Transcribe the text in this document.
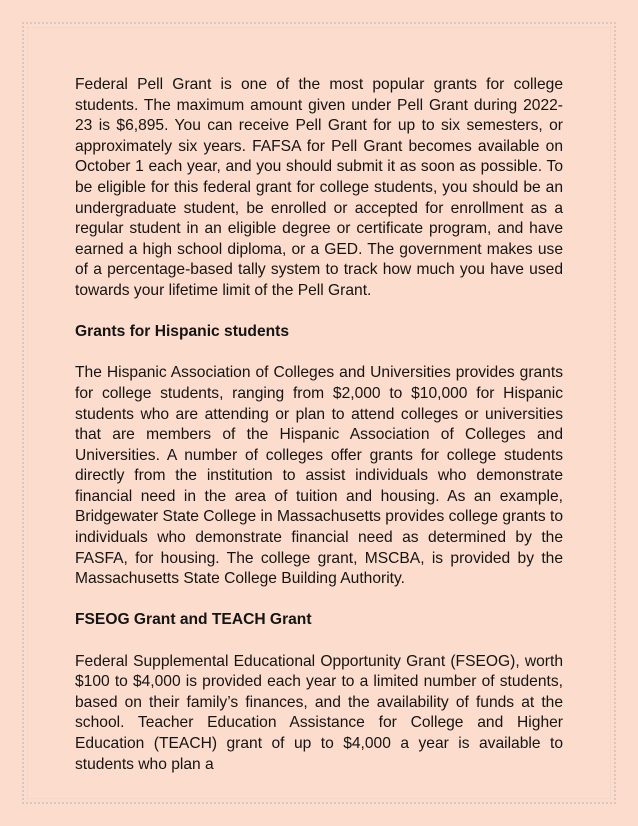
Federal Pell Grant is one of the most popular grants for college students. The maximum amount given under Pell Grant during 2022-23 is $6,895. You can receive Pell Grant for up to six semesters, or approximately six years. FAFSA for Pell Grant becomes available on October 1 each year, and you should submit it as soon as possible. To be eligible for this federal grant for college students, you should be an undergraduate student, be enrolled or accepted for enrollment as a regular student in an eligible degree or certificate program, and have earned a high school diploma, or a GED. The government makes use of a percentage-based tally system to track how much you have used towards your lifetime limit of the Pell Grant.

Grants for Hispanic students

The Hispanic Association of Colleges and Universities provides grants for college students, ranging from $2,000 to $10,000 for Hispanic students who are attending or plan to attend colleges or universities that are members of the Hispanic Association of Colleges and Universities. A number of colleges offer grants for college students directly from the institution to assist individuals who demonstrate financial need in the area of tuition and housing. As an example, Bridgewater State College in Massachusetts provides college grants to individuals who demonstrate financial need as determined by the FASFA, for housing. The college grant, MSCBA, is provided by the Massachusetts State College Building Authority.

FSEOG Grant and TEACH Grant

Federal Supplemental Educational Opportunity Grant (FSEOG), worth $100 to $4,000 is provided each year to a limited number of students, based on their family’s finances, and the availability of funds at the school. Teacher Education Assistance for College and Higher Education (TEACH) grant of up to $4,000 a year is available to students who plan a
